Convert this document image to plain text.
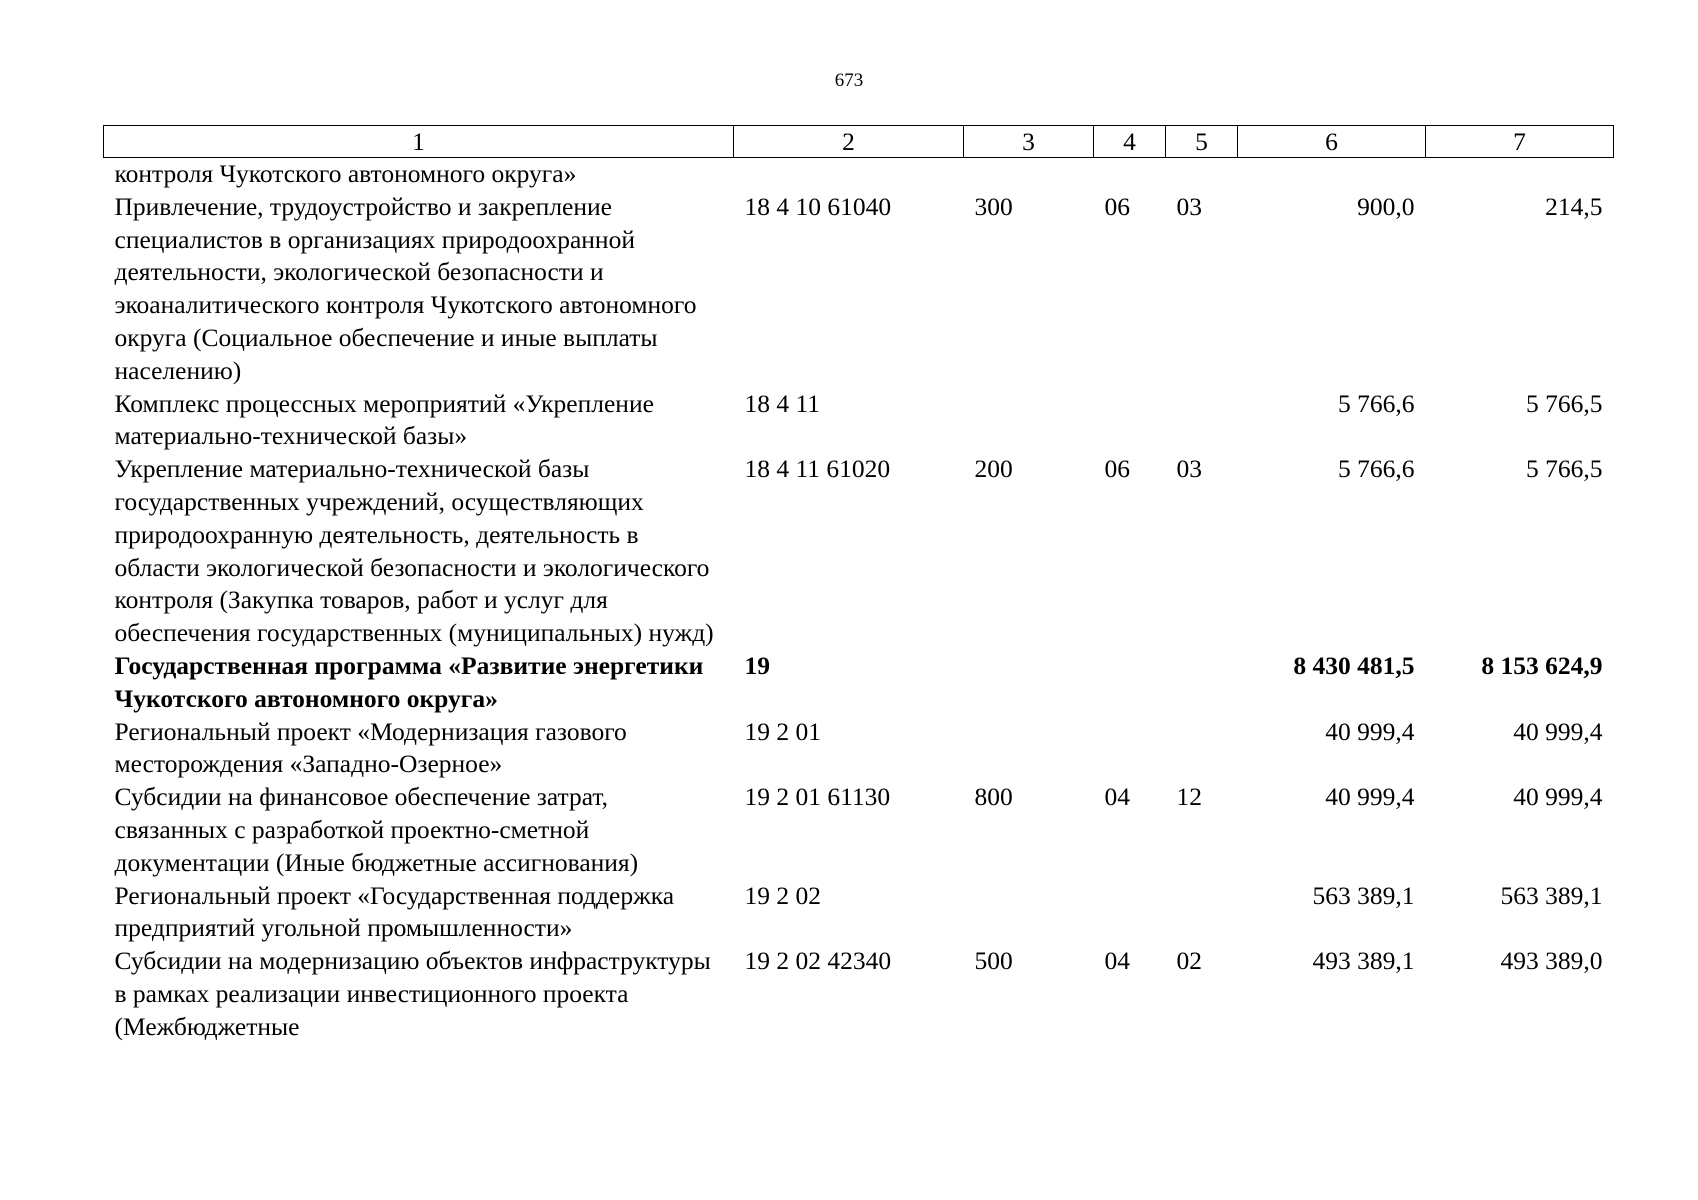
673
1	2	3	4	5	6	7
контроля Чукотского автономного округа»						
Привлечение, трудоустройство и закрепление специалистов в организациях природоохранной деятельности, экологической безопасности и экоаналитического контроля Чукотского автономного округа (Социальное обеспечение и иные выплаты населению)	18 4 10 61040	300	06	03	900,0	214,5
Комплекс процессных мероприятий «Укрепление материально-технической базы»	18 4 11				5 766,6	5 766,5
Укрепление материально-технической базы государственных учреждений, осуществляющих природоохранную деятельность, деятельность в области экологической безопасности и экологического контроля (Закупка товаров, работ и услуг для обеспечения государственных (муниципальных) нужд)	18 4 11 61020	200	06	03	5 766,6	5 766,5
Государственная программа «Развитие энергетики Чукотского автономного округа»	19				8 430 481,5	8 153 624,9
Региональный проект «Модернизация газового месторождения «Западно-Озерное»	19 2 01				40 999,4	40 999,4
Субсидии на финансовое обеспечение затрат, связанных с разработкой проектно-сметной документации (Иные бюджетные ассигнования)	19 2 01 61130	800	04	12	40 999,4	40 999,4
Региональный проект «Государственная поддержка предприятий угольной промышленности»	19 2 02				563 389,1	563 389,1
Субсидии на модернизацию объектов инфраструктуры в рамках реализации инвестиционного проекта (Межбюджетные	19 2 02 42340	500	04	02	493 389,1	493 389,0
